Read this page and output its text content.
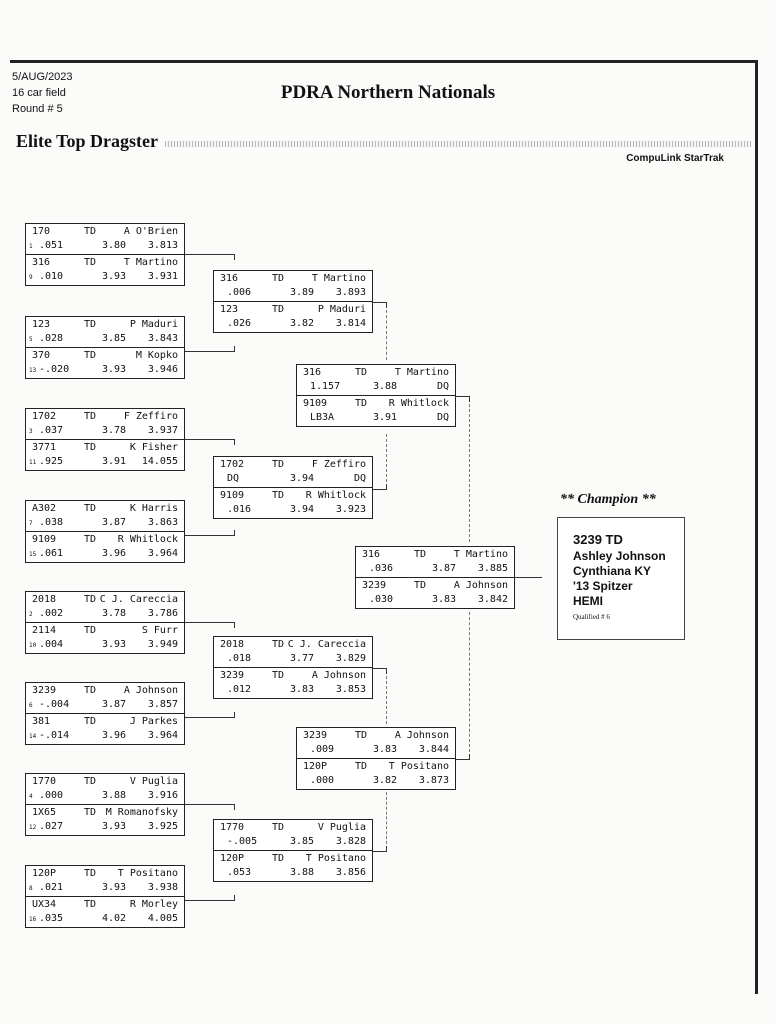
5/AUG/2023
16 car field
Round # 5
PDRA Northern Nationals
Elite Top Dragster
CompuLink StarTrak
170	TD	A O'Brien
1 .051	3.80 3.813
316	TD	T Martino
9 .010	3.93 3.931
123	TD	P Maduri
5 .028	3.85 3.843
370	TD	M Kopko
13 -.020	3.93 3.946
1702	TD	F Zeffiro
3 .037	3.78 3.937
3771	TD	K Fisher
11 .925	3.91 14.055
A302	TD	K Harris
7 .038	3.87 3.863
9109	TD R Whitlock
15 .061	3.96 3.964
2018	TD C J. Careccia
2 .002	3.78 3.786
2114	TD	S Furr
10 .004	3.93 3.949
3239	TD	A Johnson
6 -.004	3.87 3.857
381	TD	J Parkes
14 -.014	3.96 3.964
1770	TD	V Puglia
4 .000	3.88 3.916
1X65	TD M Romanofsky
12 .027	3.93 3.925
120P	TD T Positano
8 .021	3.93 3.938
UX34	TD	R Morley
16 .035	4.02 4.005
316	TD	T Martino
.006	3.89 3.893
123	TD	P Maduri
.026	3.82 3.814
1702	TD	F Zeffiro
DQ	3.94	DQ
9109	TD R Whitlock
.016	3.94 3.923
2018	TD C J. Careccia
.018	3.77 3.829
3239	TD	A Johnson
.012	3.83 3.853
1770	TD	V Puglia
-.005	3.85 3.828
120P	TD T Positano
.053	3.88 3.856
316	TD	T Martino
1.157	3.88	DQ
9109	TD R Whitlock
LB3A	3.91	DQ
3239	TD	A Johnson
.009	3.83 3.844
120P	TD T Positano
.000	3.82 3.873
316	TD	T Martino
.036	3.87 3.885
3239	TD	A Johnson
.030	3.83 3.842
** Champion **
3239 TD
Ashley Johnson
Cynthiana KY
'13 Spitzer
HEMI
Qualified # 6
